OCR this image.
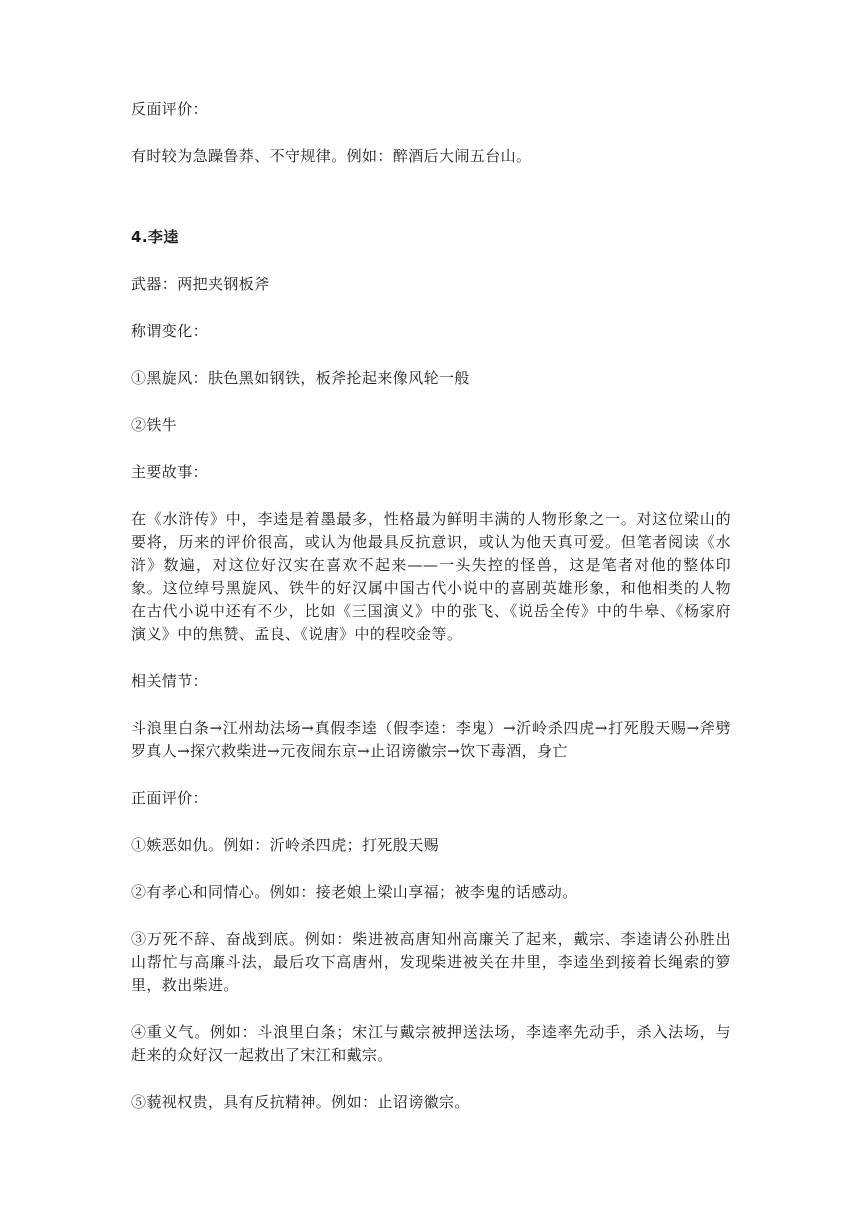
反面评价：

有时较为急躁鲁莽、不守规律。例如：醉酒后大闹五台山。

4.李逵

武器：两把夹钢板斧

称谓变化：

①黑旋风：肤色黑如钢铁，板斧抡起来像风轮一般

②铁牛

主要故事：

在《水浒传》中，李逵是着墨最多，性格最为鲜明丰满的人物形象之一。对这位梁山的要将，历来的评价很高，或认为他最具反抗意识，或认为他天真可爱。但笔者阅读《水浒》数遍，对这位好汉实在喜欢不起来——一头失控的怪兽，这是笔者对他的整体印象。这位绰号黑旋风、铁牛的好汉属中国古代小说中的喜剧英雄形象，和他相类的人物在古代小说中还有不少，比如《三国演义》中的张飞、《说岳全传》中的牛皋、《杨家府演义》中的焦赞、孟良、《说唐》中的程咬金等。

相关情节：

斗浪里白条→江州劫法场→真假李逵（假李逵：李鬼）→沂岭杀四虎→打死殷天赐→斧劈罗真人→探穴救柴进→元夜闹东京→止诏谤徽宗→饮下毒酒，身亡

正面评价：

①嫉恶如仇。例如：沂岭杀四虎；打死殷天赐

②有孝心和同情心。例如：接老娘上梁山享福；被李鬼的话感动。

③万死不辞、奋战到底。例如：柴进被高唐知州高廉关了起来，戴宗、李逵请公孙胜出山帮忙与高廉斗法，最后攻下高唐州，发现柴进被关在井里，李逵坐到接着长绳索的箩里，救出柴进。

④重义气。例如：斗浪里白条；宋江与戴宗被押送法场，李逵率先动手，杀入法场，与赶来的众好汉一起救出了宋江和戴宗。

⑤藐视权贵，具有反抗精神。例如：止诏谤徽宗。
